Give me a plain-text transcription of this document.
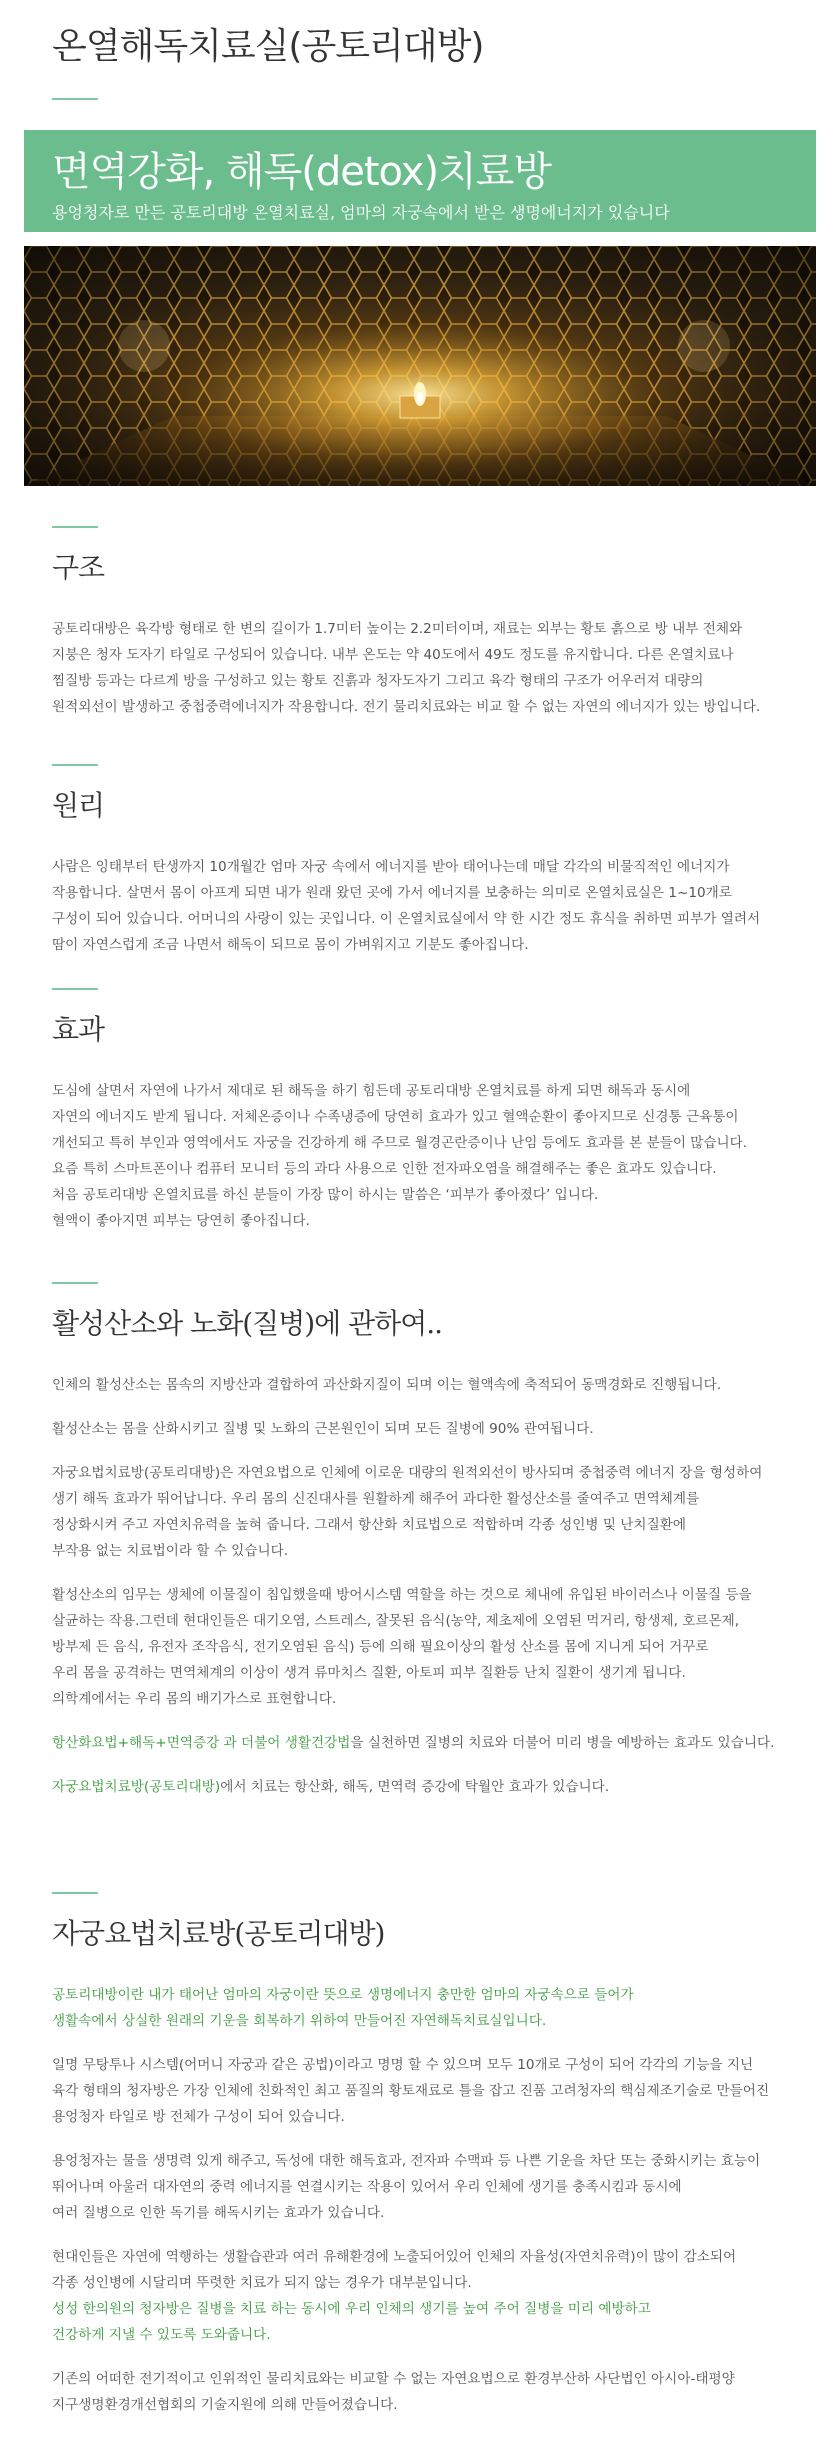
온열해독치료실(공토리대방)
면역강화, 해독(detox)치료방

용엉청자로 만든 공토리대방 온열치료실, 엄마의 자궁속에서 받은 생명에너지가 있습니다

구조

공토리대방은 육각방 형태로 한 변의 길이가 1.7미터 높이는 2.2미터이며, 재료는 외부는 황토 흙으로 방 내부 전체와
지붕은 청자 도자기 타일로 구성되어 있습니다. 내부 온도는 약 40도에서 49도 정도를 유지합니다. 다른 온열치료나
찜질방 등과는 다르게 방을 구성하고 있는 황토 진흙과 청자도자기 그리고 육각 형태의 구조가 어우러져 대량의
원적외선이 발생하고 중첩중력에너지가 작용합니다. 전기 물리치료와는 비교 할 수 없는 자연의 에너지가 있는 방입니다.

원리

사람은 잉태부터 탄생까지 10개월간 엄마 자궁 속에서 에너지를 받아 태어나는데 매달 각각의 비물직적인 에너지가
작용합니다. 살면서 몸이 아프게 되면 내가 원래 왔던 곳에 가서 에너지를 보충하는 의미로 온열치료실은 1~10개로
구성이 되어 있습니다. 어머니의 사랑이 있는 곳입니다. 이 온열치료실에서 약 한 시간 정도 휴식을 취하면 피부가 열려서
땀이 자연스럽게 조금 나면서 해독이 되므로 몸이 가벼워지고 기분도 좋아집니다.

효과

도심에 살면서 자연에 나가서 제대로 된 해독을 하기 힘든데 공토리대방 온열치료를 하게 되면 해독과 동시에
자연의 에너지도 받게 됩니다. 저체온증이나 수족냉증에 당연히 효과가 있고 혈액순환이 좋아지므로 신경통 근육통이
개선되고 특히 부인과 영역에서도 자궁을 건강하게 해 주므로 월경곤란증이나 난임 등에도 효과를 본 분들이 많습니다.
요즘 특히 스마트폰이나 컴퓨터 모니터 등의 과다 사용으로 인한 전자파오염을 해결해주는 좋은 효과도 있습니다.
처음 공토리대방 온열치료를 하신 분들이 가장 많이 하시는 말씀은 ‘피부가 좋아졌다’ 입니다.
혈액이 좋아지면 피부는 당연히 좋아집니다.

활성산소와 노화(질병)에 관하여..

인체의 활성산소는 몸속의 지방산과 결합하여 과산화지질이 되며 이는 혈액속에 축적되어 동맥경화로 진행됩니다.

활성산소는 몸을 산화시키고 질병 및 노화의 근본원인이 되며 모든 질병에 90% 관여됩니다.

자궁요법치료방(공토리대방)은 자연요법으로 인체에 이로운 대량의 원적외선이 방사되며 중첩중력 에너지 장을 형성하여
생기 해독 효과가 뛰어납니다. 우리 몸의 신진대사를 원활하게 해주어 과다한 활성산소를 줄여주고 면역체계를
정상화시켜 주고 자연치유력을 높혀 줍니다. 그래서 항산화 치료법으로 적합하며 각종 성인병 및 난치질환에
부작용 없는 치료법이라 할 수 있습니다.

활성산소의 임무는 생체에 이물질이 침입했을때 방어시스템 역할을 하는 것으로 체내에 유입된 바이러스나 이물질 등을
살균하는 작용.그런데 현대인들은 대기오염, 스트레스, 잘못된 음식(농약, 제초제에 오염된 먹거리, 항생제, 호르몬제,
방부제 든 음식, 유전자 조작음식, 전기오염된 음식) 등에 의해 필요이상의 활성 산소를 몸에 지니게 되어 거꾸로
우리 몸을 공격하는 면역체계의 이상이 생겨 류마치스 질환, 아토피 피부 질환등 난치 질환이 생기게 됩니다.
의학계에서는 우리 몸의 배기가스로 표현합니다.

항산화요법+해독+면역증강 과 더불어 생활건강법을 실천하면 질병의 치료와 더불어 미리 병을 예방하는 효과도 있습니다.

자궁요법치료방(공토리대방)에서 치료는 항산화, 해독, 면역력 증강에 탁월안 효과가 있습니다.

자궁요법치료방(공토리대방)

공토리대방이란 내가 태어난 엄마의 자궁이란 뜻으로 생명에너지 충만한 엄마의 자궁속으로 들어가
생활속에서 상실한 원래의 기운을 회복하기 위하여 만들어진 자연해독치료실입니다.

일명 무탕투나 시스템(어머니 자궁과 같은 공법)이라고 명명 할 수 있으며 모두 10개로 구성이 되어 각각의 기능을 지닌
육각 형태의 청자방은 가장 인체에 친화적인 최고 품질의 황토재료로 틀을 잡고 진품 고려청자의 핵심제조기술로 만들어진
용엉청자 타일로 방 전체가 구성이 되어 있습니다.

용엉청자는 물을 생명력 있게 해주고, 독성에 대한 해독효과, 전자파 수맥파 등 나쁜 기운을 차단 또는 중화시키는 효능이
뛰어나며 아울러 대자연의 중력 에너지를 연결시키는 작용이 있어서 우리 인체에 생기를 충족시킴과 동시에
여러 질병으로 인한 독기를 해독시키는 효과가 있습니다.

현대인들은 자연에 역행하는 생활습관과 여러 유해환경에 노출되어있어 인체의 자율성(자연치유력)이 많이 감소되어
각종 성인병에 시달리며 뚜렷한 치료가 되지 않는 경우가 대부분입니다.
성성 한의원의 청자방은 질병을 치료 하는 동시에 우리 인체의 생기를 높여 주어 질병을 미리 예방하고
건강하게 지낼 수 있도록 도와줍니다.

기존의 어떠한 전기적이고 인위적인 물리치료와는 비교할 수 없는 자연요법으로 환경부산하 사단법인 아시아-태평양
지구생명환경개선협회의 기술지원에 의해 만들어졌습니다.
